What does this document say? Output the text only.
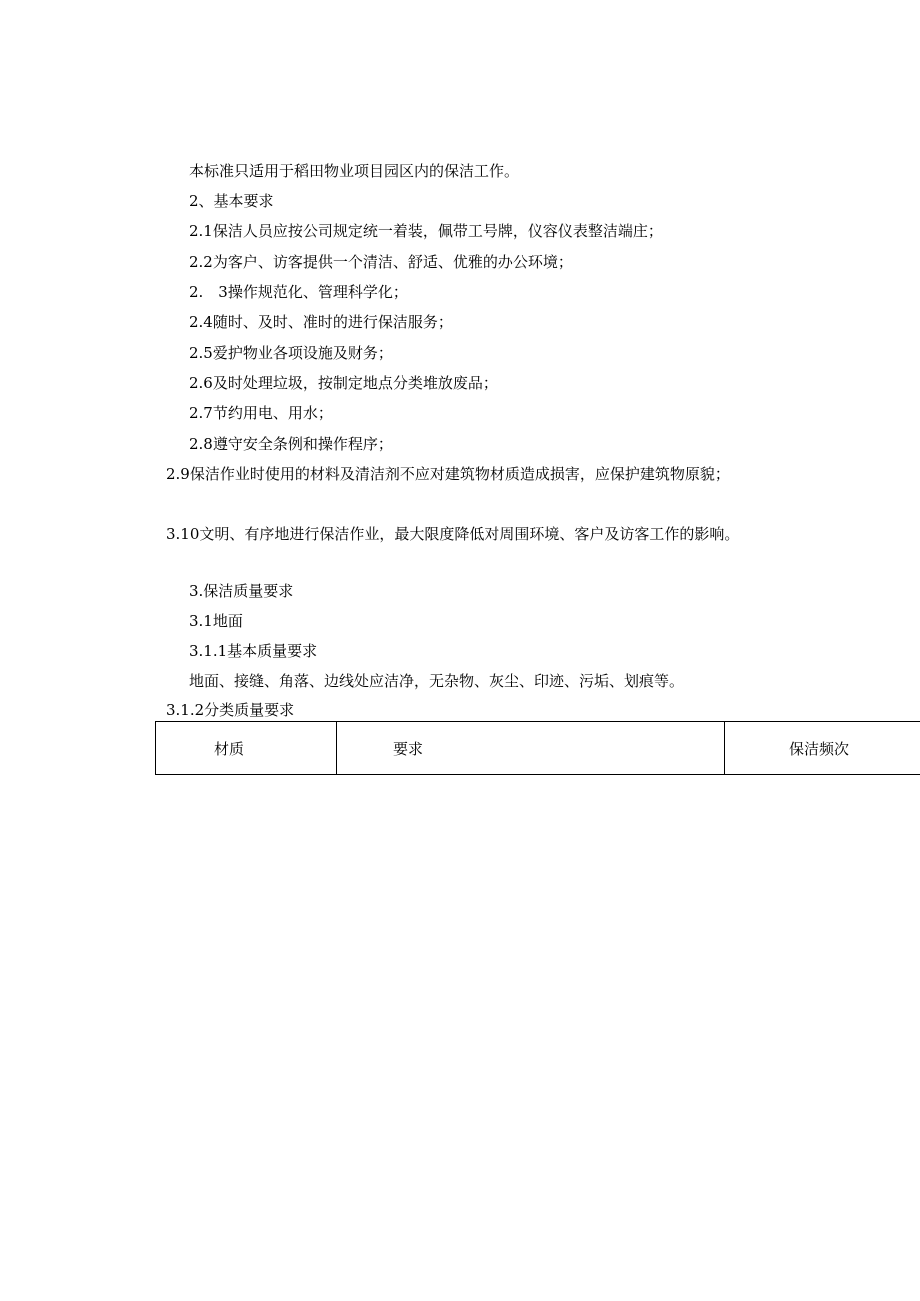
本标准只适用于稻田物业项目园区内的保洁工作。
2、基本要求
2.1保洁人员应按公司规定统一着装，佩带工号牌，仪容仪表整洁端庄；
2.2为客户、访客提供一个清洁、舒适、优雅的办公环境；
2.　3操作规范化、管理科学化；
2.4随时、及时、准时的进行保洁服务；
2.5爱护物业各项设施及财务；
2.6及时处理垃圾，按制定地点分类堆放废品；
2.7节约用电、用水；
2.8遵守安全条例和操作程序；
2.9保洁作业时使用的材料及清洁剂不应对建筑物材质造成损害，应保护建筑物原貌；
3.10文明、有序地进行保洁作业，最大限度降低对周围环境、客户及访客工作的影响。
3.保洁质量要求
3.1地面
3.1.1基本质量要求
地面、接缝、角落、边线处应洁净，无杂物、灰尘、印迹、污垢、划痕等。
3.1.2分类质量要求
材质	要求	保洁频次
